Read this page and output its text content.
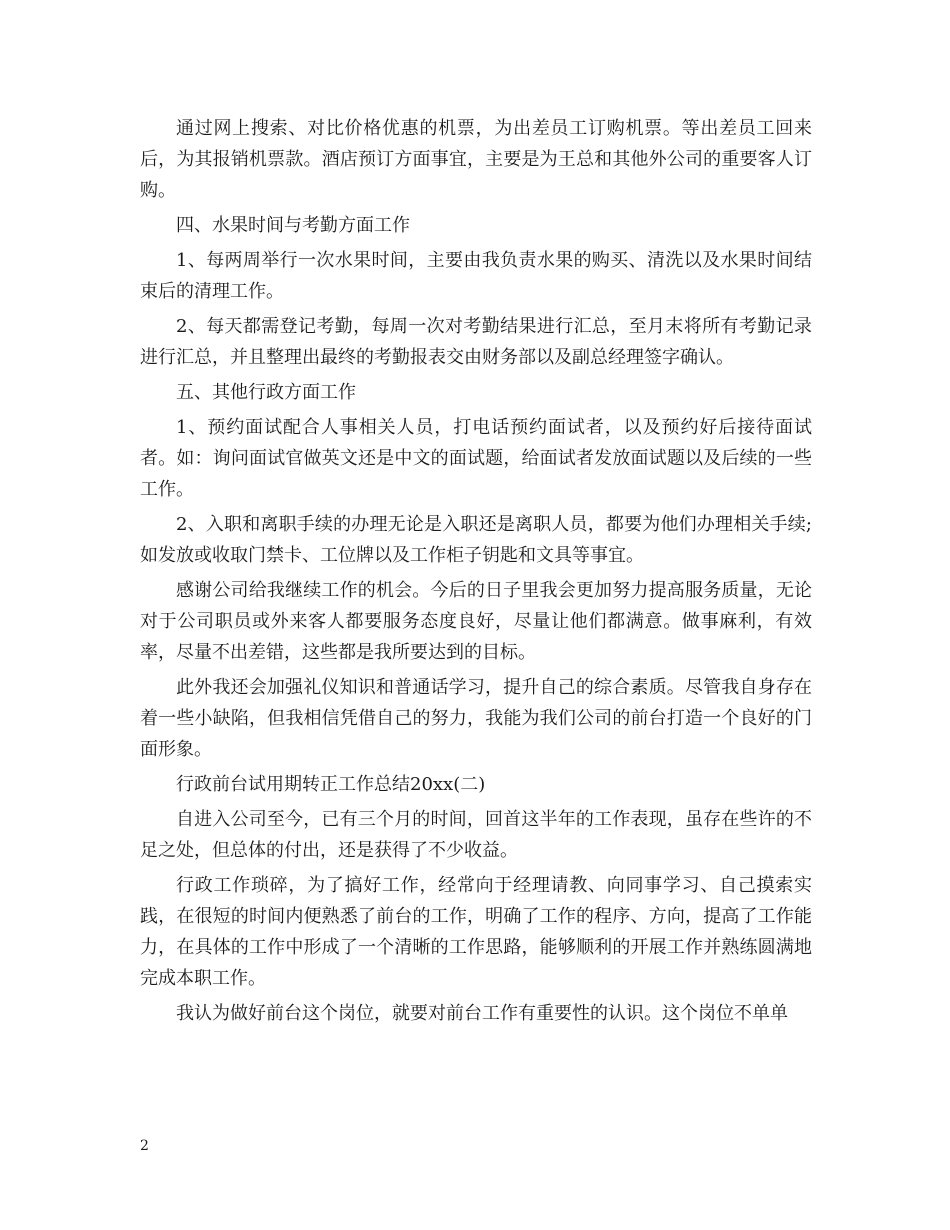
通过网上搜索、对比价格优惠的机票，为出差员工订购机票。等出差员工回来后，为其报销机票款。酒店预订方面事宜，主要是为王总和其他外公司的重要客人订购。

四、水果时间与考勤方面工作

1、每两周举行一次水果时间，主要由我负责水果的购买、清洗以及水果时间结束后的清理工作。

2、每天都需登记考勤，每周一次对考勤结果进行汇总，至月末将所有考勤记录进行汇总，并且整理出最终的考勤报表交由财务部以及副总经理签字确认。

五、其他行政方面工作

1、预约面试配合人事相关人员，打电话预约面试者，以及预约好后接待面试者。如：询问面试官做英文还是中文的面试题，给面试者发放面试题以及后续的一些工作。

2、入职和离职手续的办理无论是入职还是离职人员，都要为他们办理相关手续;如发放或收取门禁卡、工位牌以及工作柜子钥匙和文具等事宜。

感谢公司给我继续工作的机会。今后的日子里我会更加努力提高服务质量，无论对于公司职员或外来客人都要服务态度良好，尽量让他们都满意。做事麻利，有效率，尽量不出差错，这些都是我所要达到的目标。

此外我还会加强礼仪知识和普通话学习，提升自己的综合素质。尽管我自身存在着一些小缺陷，但我相信凭借自己的努力，我能为我们公司的前台打造一个良好的门面形象。

行政前台试用期转正工作总结20xx(二)

自进入公司至今，已有三个月的时间，回首这半年的工作表现，虽存在些许的不足之处，但总体的付出，还是获得了不少收益。

行政工作琐碎，为了搞好工作，经常向于经理请教、向同事学习、自己摸索实践，在很短的时间内便熟悉了前台的工作，明确了工作的程序、方向，提高了工作能力，在具体的工作中形成了一个清晰的工作思路，能够顺利的开展工作并熟练圆满地完成本职工作。

我认为做好前台这个岗位，就要对前台工作有重要性的认识。这个岗位不单单

2
